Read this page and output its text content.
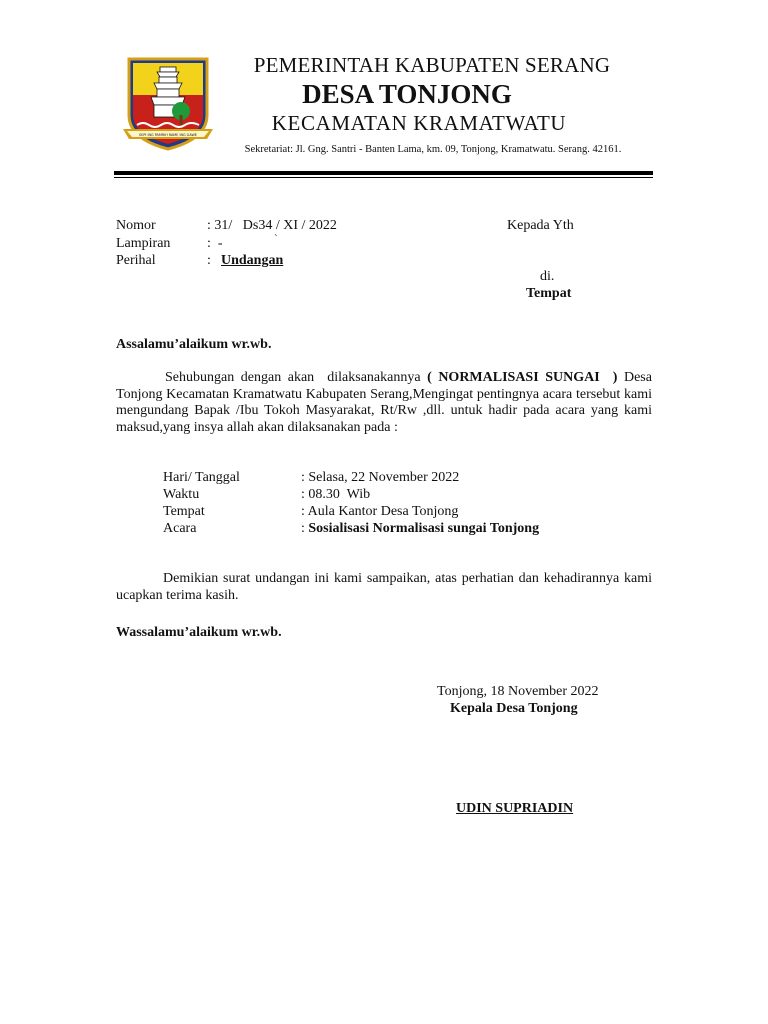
SEPI ING PAMRIH RAME ING GAWE
PEMERINTAH KABUPATEN SERANG
DESA TONJONG
KECAMATAN KRAMATWATU
Sekretariat: Jl. Gng. Santri - Banten Lama, km. 09, Tonjong, Kramatwatu. Serang. 42161.
Nomor	: 31/   Ds34 / XI / 2022
Lampiran	:  -	`
Perihal	: Undangan
Kepada Yth
di.
Tempat
Assalamu’alaikum wr.wb.
Sehubungan dengan akan  dilaksanakannya ( NORMALISASI SUNGAI  ) Desa Tonjong Kecamatan Kramatwatu Kabupaten Serang,Mengingat pentingnya acara tersebut kami mengundang Bapak /Ibu Tokoh Masyarakat, Rt/Rw ,dll. untuk hadir pada acara yang kami maksud,yang insya allah akan dilaksanakan pada :
Hari/ Tanggal	: Selasa, 22 November 2022
Waktu	: 08.30  Wib
Tempat	: Aula Kantor Desa Tonjong
Acara	: Sosialisasi Normalisasi sungai Tonjong
Demikian surat undangan ini kami sampaikan, atas perhatian dan kehadirannya kami ucapkan terima kasih.
Wassalamu’alaikum wr.wb.
Tonjong, 18 November 2022
Kepala Desa Tonjong
UDIN SUPRIADIN
